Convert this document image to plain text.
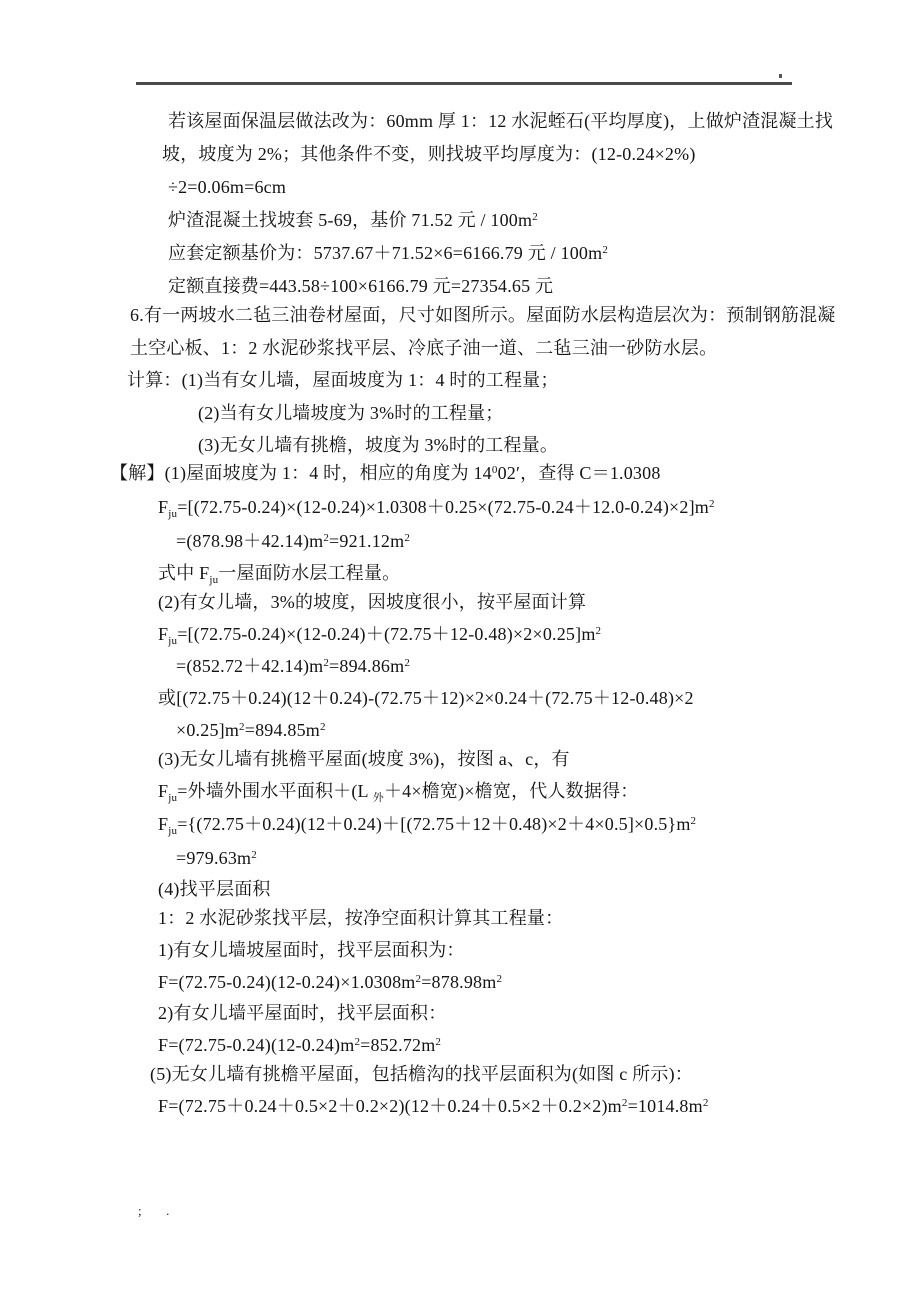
若该屋面保温层做法改为：60mm 厚 1：12 水泥蛭石(平均厚度)，上做炉渣混凝土找
坡，坡度为 2%；其他条件不变，则找坡平均厚度为：(12-0.24×2%)
÷2=0.06m=6cm
炉渣混凝土找坡套 5-69，基价 71.52 元 / $100m^2$
应套定额基价为：5737.67＋71.52×6=6166.79 元 / $100m^2$
定额直接费=443.58÷100×6166.79 元=27354.65 元
6.有一两坡水二毡三油卷材屋面，尺寸如图所示。屋面防水层构造层次为：预制钢筋混凝
土空心板、1：2 水泥砂浆找平层、冷底子油一道、二毡三油一砂防水层。
计算：(1)当有女儿墙，屋面坡度为 1：4 时的工程量；
(2)当有女儿墙坡度为 3%时的工程量；
(3)无女儿墙有挑檐，坡度为 3%时的工程量。
【解】(1)屋面坡度为 1：4 时，相应的角度为 $14^002'$，查得 C＝1.0308
$F_{ju}=[(72.75-0.24)\times(12-0.24)\times 1.0308+0.25\times(72.75-0.24+12.0-0.24)\times 2]m^2$
$=(878.98+42.14)m^2=921.12m^2$
式中 $F_{ju}$一屋面防水层工程量。
(2)有女儿墙，3%的坡度，因坡度很小，按平屋面计算
$F_{ju}=[(72.75-0.24)\times(12-0.24)+(72.75+12-0.48)\times 2\times 0.25]m^2$
$=(852.72+42.14)m^2=894.86m^2$
或[(72.75＋0.24)(12＋0.24)-(72.75＋12)×2×0.24＋(72.75＋12-0.48)×2
$\times 0.25]m^2=894.85m^2$
(3)无女儿墙有挑檐平屋面(坡度 3%)，按图 a、c，有
$F_{ju}=$外墙外围水平面积＋(L $_外$＋4×檐宽)×檐宽，代人数据得：
$F_{ju}=\{(72.75+0.24)(12+0.24)+[(72.75+12+0.48)\times 2+4\times 0.5]\times 0.5\}m^2$
$=979.63m^2$
(4)找平层面积
1：2 水泥砂浆找平层，按净空面积计算其工程量：
1)有女儿墙坡屋面时，找平层面积为：
$F=(72.75-0.24)(12-0.24)\times 1.0308m^2=878.98m^2$
2)有女儿墙平屋面时，找平层面积：
$F=(72.75-0.24)(12-0.24)m^2=852.72m^2$
(5)无女儿墙有挑檐平屋面，包括檐沟的找平层面积为(如图 c 所示)：
$F=(72.75+0.24+0.5\times 2+0.2\times 2)(12+0.24+0.5\times 2+0.2\times 2)m^2=1014.8m^2$
;  .
